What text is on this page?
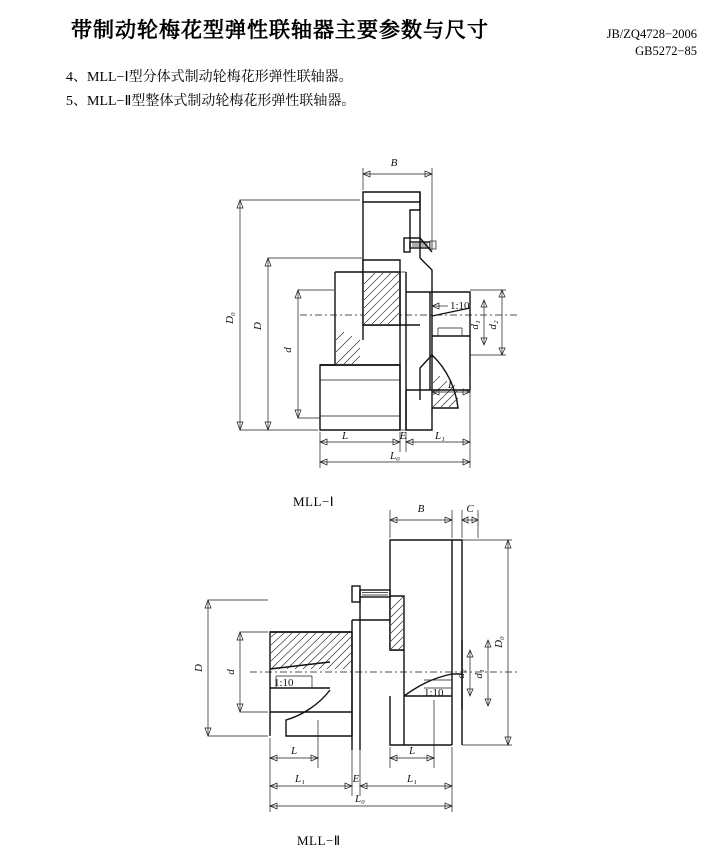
带制动轮梅花型弹性联轴器主要参数与尺寸	JB/ZQ4728−2006
GB5272−85
4、MLL−Ⅰ型分体式制动轮梅花形弹性联轴器。
5、MLL−Ⅱ型整体式制动轮梅花形弹性联轴器。
B
D₀
D
d
d₁ d₂
1:10
L
L	E	L₁
L₀
MLL−Ⅰ
1:10
1:10
B	C
D
d	d₂ d₁
D₀
L	L
L₁	E	L₁
L₀
MLL−Ⅱ
